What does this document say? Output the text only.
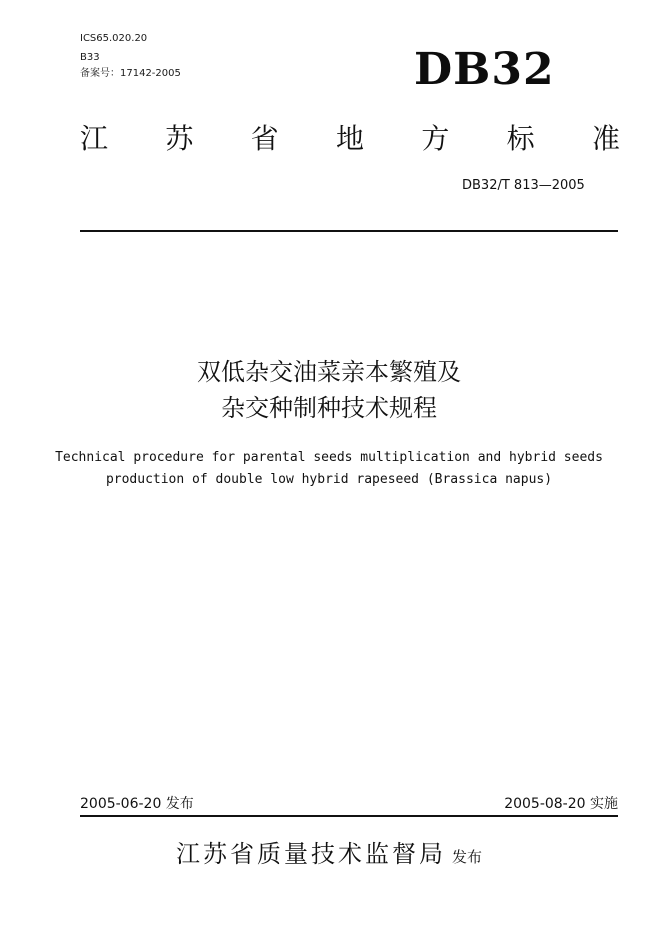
ICS65.020.20
B33
备案号：17142-2005	DB32
江 苏 省 地 方 标 准
DB32/T 813—2005
双低杂交油菜亲本繁殖及
杂交种制种技术规程
Technical procedure for parental seeds multiplication and hybrid seeds
production of double low hybrid rapeseed (Brassica napus)
2005-06-20 发布	2005-08-20 实施
江苏省质量技术监督局 发布
